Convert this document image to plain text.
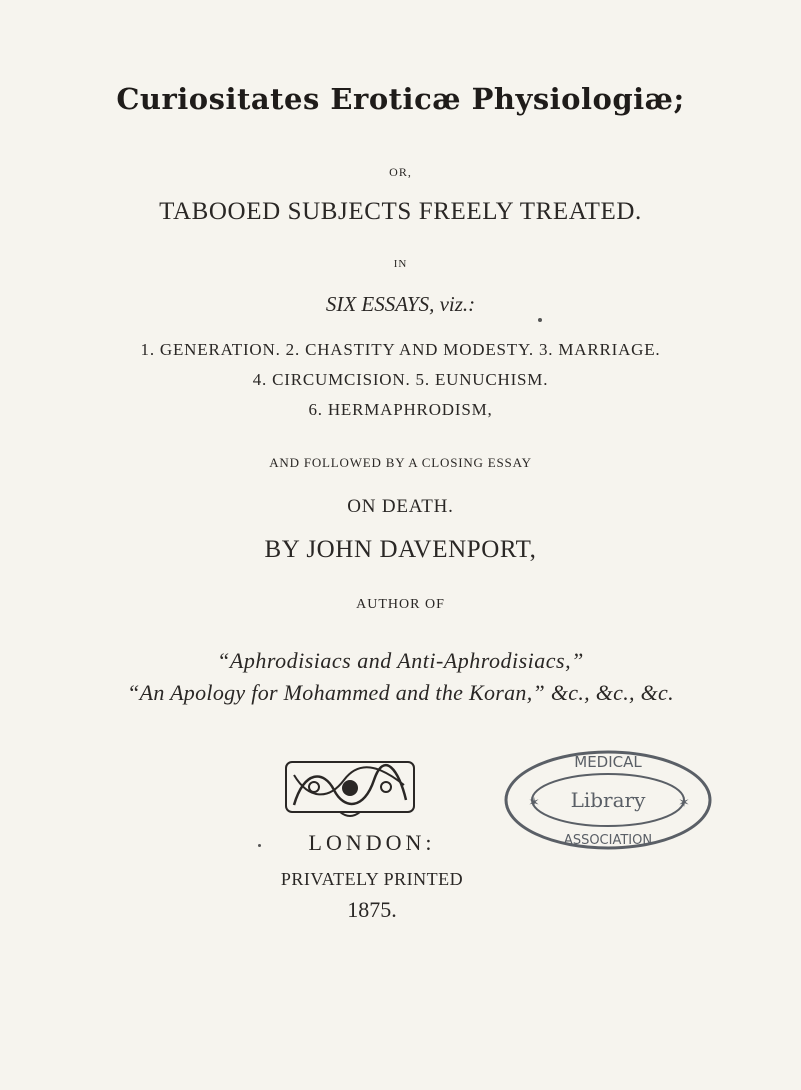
Curiositates Eroticæ Physiologiæ;
OR,
TABOOED SUBJECTS FREELY TREATED.
IN
SIX ESSAYS, viz.:
1. GENERATION. 2. CHASTITY AND MODESTY. 3. MARRIAGE.
4. CIRCUMCISION. 5. EUNUCHISM.
6. HERMAPHRODISM,
AND FOLLOWED BY A CLOSING ESSAY
ON DEATH.
BY JOHN DAVENPORT,
AUTHOR OF
“Aphrodisiacs and Anti-Aphrodisiacs,”
“An Apology for Mohammed and the Koran,” &c., &c., &c.
MEDICAL
Library
ASSOCIATION
✶	✶
LONDON:
PRIVATELY PRINTED
1875.
